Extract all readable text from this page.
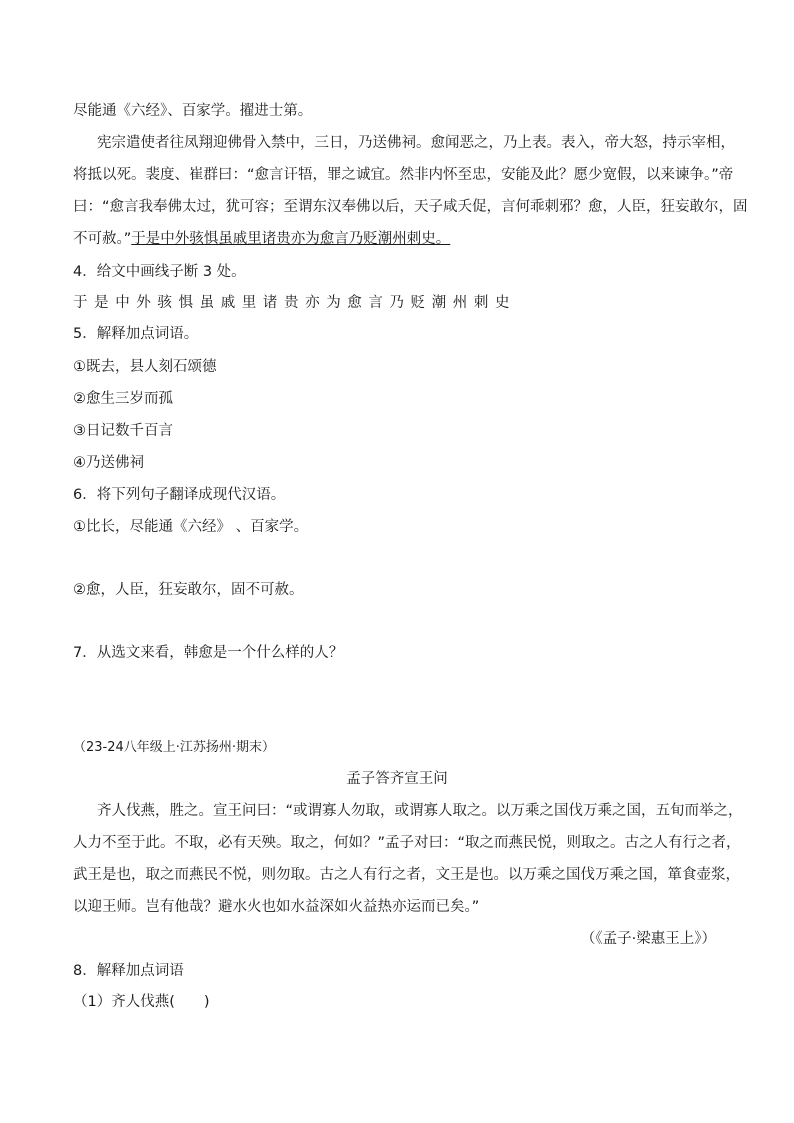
尽能通《六经》、百家学。擢进士第。
宪宗遣使者往凤翔迎佛骨入禁中，三日，乃送佛祠。愈闻恶之，乃上表。表入，帝大怒，持示宰相，
将抵以死。裴度、崔群曰：“愈言讦牾，罪之诚宜。然非内怀至忠，安能及此？愿少宽假，以来谏争。”帝
曰：“愈言我奉佛太过，犹可容；至谓东汉奉佛以后，天子咸夭促，言何乖刺邪？愈，人臣，狂妄敢尔，固
不可赦。”于是中外骇惧虽戚里诸贵亦为愈言乃贬潮州刺史。
4．给文中画线子断 3 处。
于是中外骇惧虽戚里诸贵亦为愈言乃贬潮州刺史
5．解释加点词语。
①既去，县人刻石颂德
②愈生三岁而孤
③日记数千百言
④乃送佛祠
6．将下列句子翻译成现代汉语。
①比长，尽能通《六经》 、百家学。
②愈，人臣，狂妄敢尔，固不可赦。
7．从选文来看，韩愈是一个什么样的人？
（23-24八年级上·江苏扬州·期末）
孟子答齐宣王问
齐人伐燕，胜之。宣王问曰：“或谓寡人勿取，或谓寡人取之。以万乘之国伐万乘之国，五旬而举之，
人力不至于此。不取，必有天殃。取之，何如？”孟子对曰：“取之而燕民悦，则取之。古之人有行之者，
武王是也，取之而燕民不悦，则勿取。古之人有行之者，文王是也。以万乘之国伐万乘之国，箪食壶浆，
以迎王师。岂有他哉？避水火也如水益深如火益热亦运而已矣。”
（《孟子·梁惠王上》）
8．解释加点词语
（1）齐人伐燕(　　)
